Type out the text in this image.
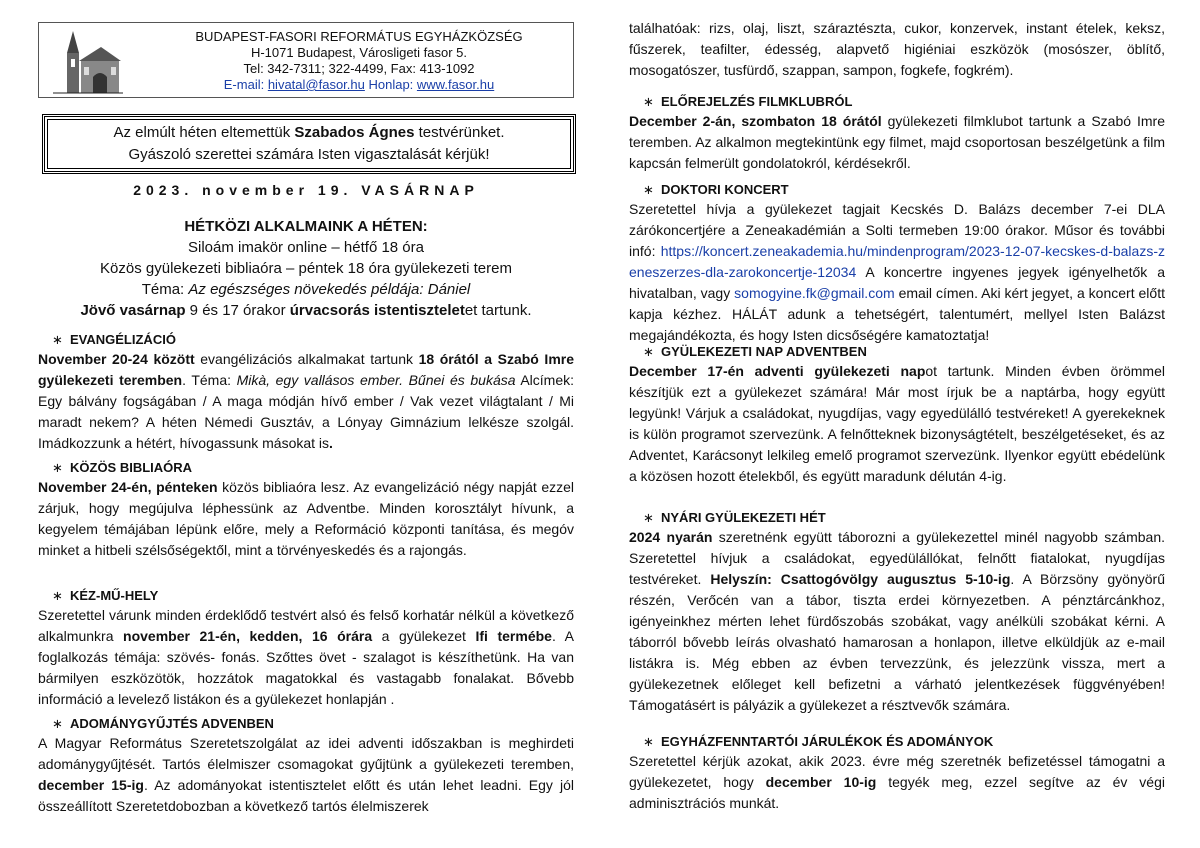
BUDAPEST-FASORI REFORMÁTUS EGYHÁZKÖZSÉG
H-1071 Budapest, Városligeti fasor 5.
Tel: 342-7311; 322-4499, Fax: 413-1092
E-mail: hivatal@fasor.hu Honlap: www.fasor.hu
Az elmúlt héten eltemettük Szabados Ágnes testvérünket.
Gyászoló szerettei számára Isten vigasztalását kérjük!
2023. november 19. VASÁRNAP
HÉTKÖZI ALKALMAINK A HÉTEN:
Siloám imakör online – hétfő 18 óra
Közös gyülekezeti bibliaóra – péntek 18 óra gyülekezeti terem
Téma: Az egészséges növekedés példája: Dániel
Jövő vasárnap 9 és 17 órakor úrvacsorás istentiszteletet tartunk.
∗ EVANGÉLIZÁCIÓ

November 20-24 között evangélizációs alkalmakat tartunk 18 órától a Szabó Imre gyülekezeti teremben. Téma: Mikà, egy vallásos ember. Bűnei és bukása Alcímek: Egy bálvány fogságában / A maga módján hívő ember / Vak vezet világtalant / Mi maradt nekem? A héten Némedi Gusztáv, a Lónyay Gimnázium lelkésze szolgál. Imádkozzunk a hétért, hívogassunk másokat is.

∗ KÖZÖS BIBLIAÓRA

November 24-én, pénteken közös bibliaóra lesz. Az evangelizáció négy napját ezzel zárjuk, hogy megújulva léphessünk az Adventbe. Minden korosztályt hívunk, a kegyelem témájában lépünk előre, mely a Reformáció központi tanítása, és megóv minket a hitbeli szélsőségektől, mint a törvényeskedés és a rajongás.

∗ KÉZ-MŰ-HELY

Szeretettel várunk minden érdeklődő testvért alsó és felső korhatár nélkül a következő alkalmunkra november 21-én, kedden, 16 órára a gyülekezet Ifi termébe. A foglalkozás témája: szövés- fonás. Szőttes övet - szalagot is készíthetünk. Ha van bármilyen eszközötök, hozzátok magatokkal és vastagabb fonalakat. Bővebb információ a levelező listákon és a gyülekezet honlapján .

∗ ADOMÁNYGYŰJTÉS ADVENBEN

A Magyar Református Szeretetszolgálat az idei adventi időszakban is meghirdeti adománygyűjtését. Tartós élelmiszer csomagokat gyűjtünk a gyülekezeti teremben, december 15-ig. Az adományokat istentisztelet előtt és után lehet leadni. Egy jól összeállított Szeretetdobozban a következő tartós élelmiszerek

találhatóak: rizs, olaj, liszt, száraztészta, cukor, konzervek, instant ételek, keksz, fűszerek, teafilter, édesség, alapvető higiéniai eszközök (mosószer, öblítő, mosogatószer, tusfürdő, szappan, sampon, fogkefe, fogkrém).

∗ ELŐREJELZÉS FILMKLUBRÓL

December 2-án, szombaton 18 órától gyülekezeti filmklubot tartunk a Szabó Imre teremben. Az alkalmon megtekintünk egy filmet, majd csoportosan beszélgetünk a film kapcsán felmerült gondolatokról, kérdésekről.

∗ DOKTORI KONCERT

Szeretettel hívja a gyülekezet tagjait Kecskés D. Balázs december 7-ei DLA zárókoncertjére a Zeneakadémián a Solti termeben 19:00 órakor. Műsor és további infó: https://koncert.zeneakademia.hu/mindenprogram/2023-12-07-kecskes-d-balazs-zeneszerzes-dla-zarokoncertje-12034 A koncertre ingyenes jegyek igényelhetők a hivatalban, vagy somogyine.fk@gmail.com email címen. Aki kért jegyet, a koncert előtt kapja kézhez. HÁLÁT adunk a tehetségért, talentumért, mellyel Isten Balázst megajándékozta, és hogy Isten dicsőségére kamatoztatja!

∗ GYÜLEKEZETI NAP ADVENTBEN

December 17-én adventi gyülekezeti napot tartunk. Minden évben örömmel készítjük ezt a gyülekezet számára! Már most írjuk be a naptárba, hogy együtt legyünk! Várjuk a családokat, nyugdíjas, vagy egyedülálló testvéreket! A gyerekeknek is külön programot szervezünk. A felnőtteknek bizonyságtételt, beszélgetéseket, és az Adventet, Karácsonyt lelkileg emelő programot szervezünk. Ilyenkor együtt ebédelünk a közösen hozott ételekből, és együtt maradunk délután 4-ig.

∗ NYÁRI GYÜLEKEZETI HÉT

2024 nyarán szeretnénk együtt táborozni a gyülekezettel minél nagyobb számban. Szeretettel hívjuk a családokat, egyedülállókat, felnőtt fiatalokat, nyugdíjas testvéreket. Helyszín: Csattogóvölgy augusztus 5-10-ig. A Börzsöny gyönyörű részén, Verőcén van a tábor, tiszta erdei környezetben. A pénztárcánkhoz, igényeinkhez mérten lehet fürdőszobás szobákat, vagy anélküli szobákat kérni. A táborról bővebb leírás olvasható hamarosan a honlapon, illetve elküldjük az e-mail listákra is. Még ebben az évben tervezzünk, és jelezzünk vissza, mert a gyülekezetnek előleget kell befizetni a várható jelentkezések függvényében! Támogatásért is pályázik a gyülekezet a résztvevők számára.

∗ EGYHÁZFENNTARTÓI JÁRULÉKOK ÉS ADOMÁNYOK

Szeretettel kérjük azokat, akik 2023. évre még szeretnék befizetéssel támogatni a gyülekezetet, hogy december 10-ig tegyék meg, ezzel segítve az év végi adminisztrációs munkát.
